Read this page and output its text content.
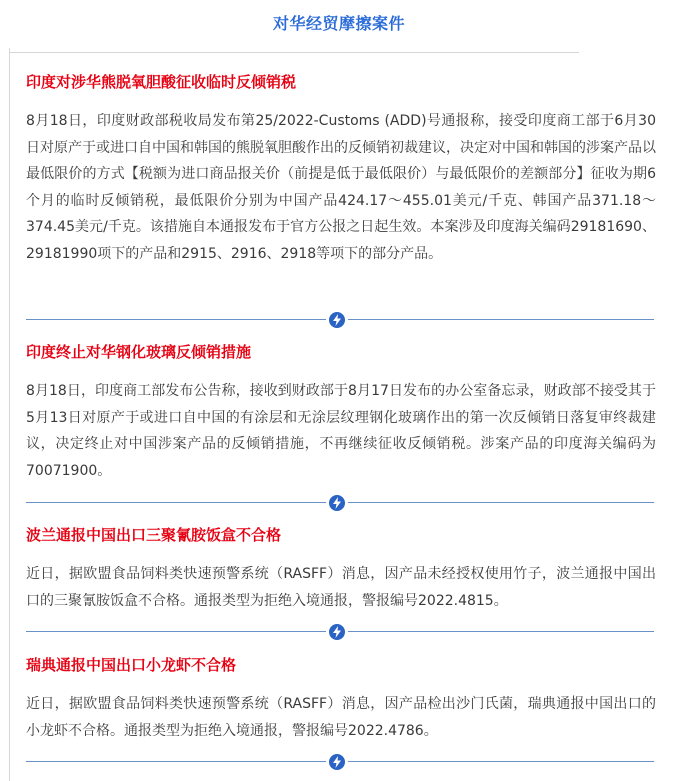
对华经贸摩擦案件
印度对涉华熊脱氧胆酸征收临时反倾销税
8月18日，印度财政部税收局发布第25/2022-Customs (ADD)号通报称，接受印度商工部于6月30日对原产于或进口自中国和韩国的熊脱氧胆酸作出的反倾销初裁建议，决定对中国和韩国的涉案产品以最低限价的方式【税额为进口商品报关价（前提是低于最低限价）与最低限价的差额部分】征收为期6个月的临时反倾销税，最低限价分别为中国产品424.17～455.01美元/千克、韩国产品371.18～374.45美元/千克。该措施自本通报发布于官方公报之日起生效。本案涉及印度海关编码29181690、29181990项下的产品和2915、2916、2918等项下的部分产品。
印度终止对华钢化玻璃反倾销措施
8月18日，印度商工部发布公告称，接收到财政部于8月17日发布的办公室备忘录，财政部不接受其于5月13日对原产于或进口自中国的有涂层和无涂层纹理钢化玻璃作出的第一次反倾销日落复审终裁建议，决定终止对中国涉案产品的反倾销措施，不再继续征收反倾销税。涉案产品的印度海关编码为70071900。
波兰通报中国出口三聚氰胺饭盒不合格
近日，据欧盟食品饲料类快速预警系统（RASFF）消息，因产品未经授权使用竹子，波兰通报中国出口的三聚氰胺饭盒不合格。通报类型为拒绝入境通报，警报编号2022.4815。
瑞典通报中国出口小龙虾不合格
近日，据欧盟食品饲料类快速预警系统（RASFF）消息，因产品检出沙门氏菌，瑞典通报中国出口的小龙虾不合格。通报类型为拒绝入境通报，警报编号2022.4786。
